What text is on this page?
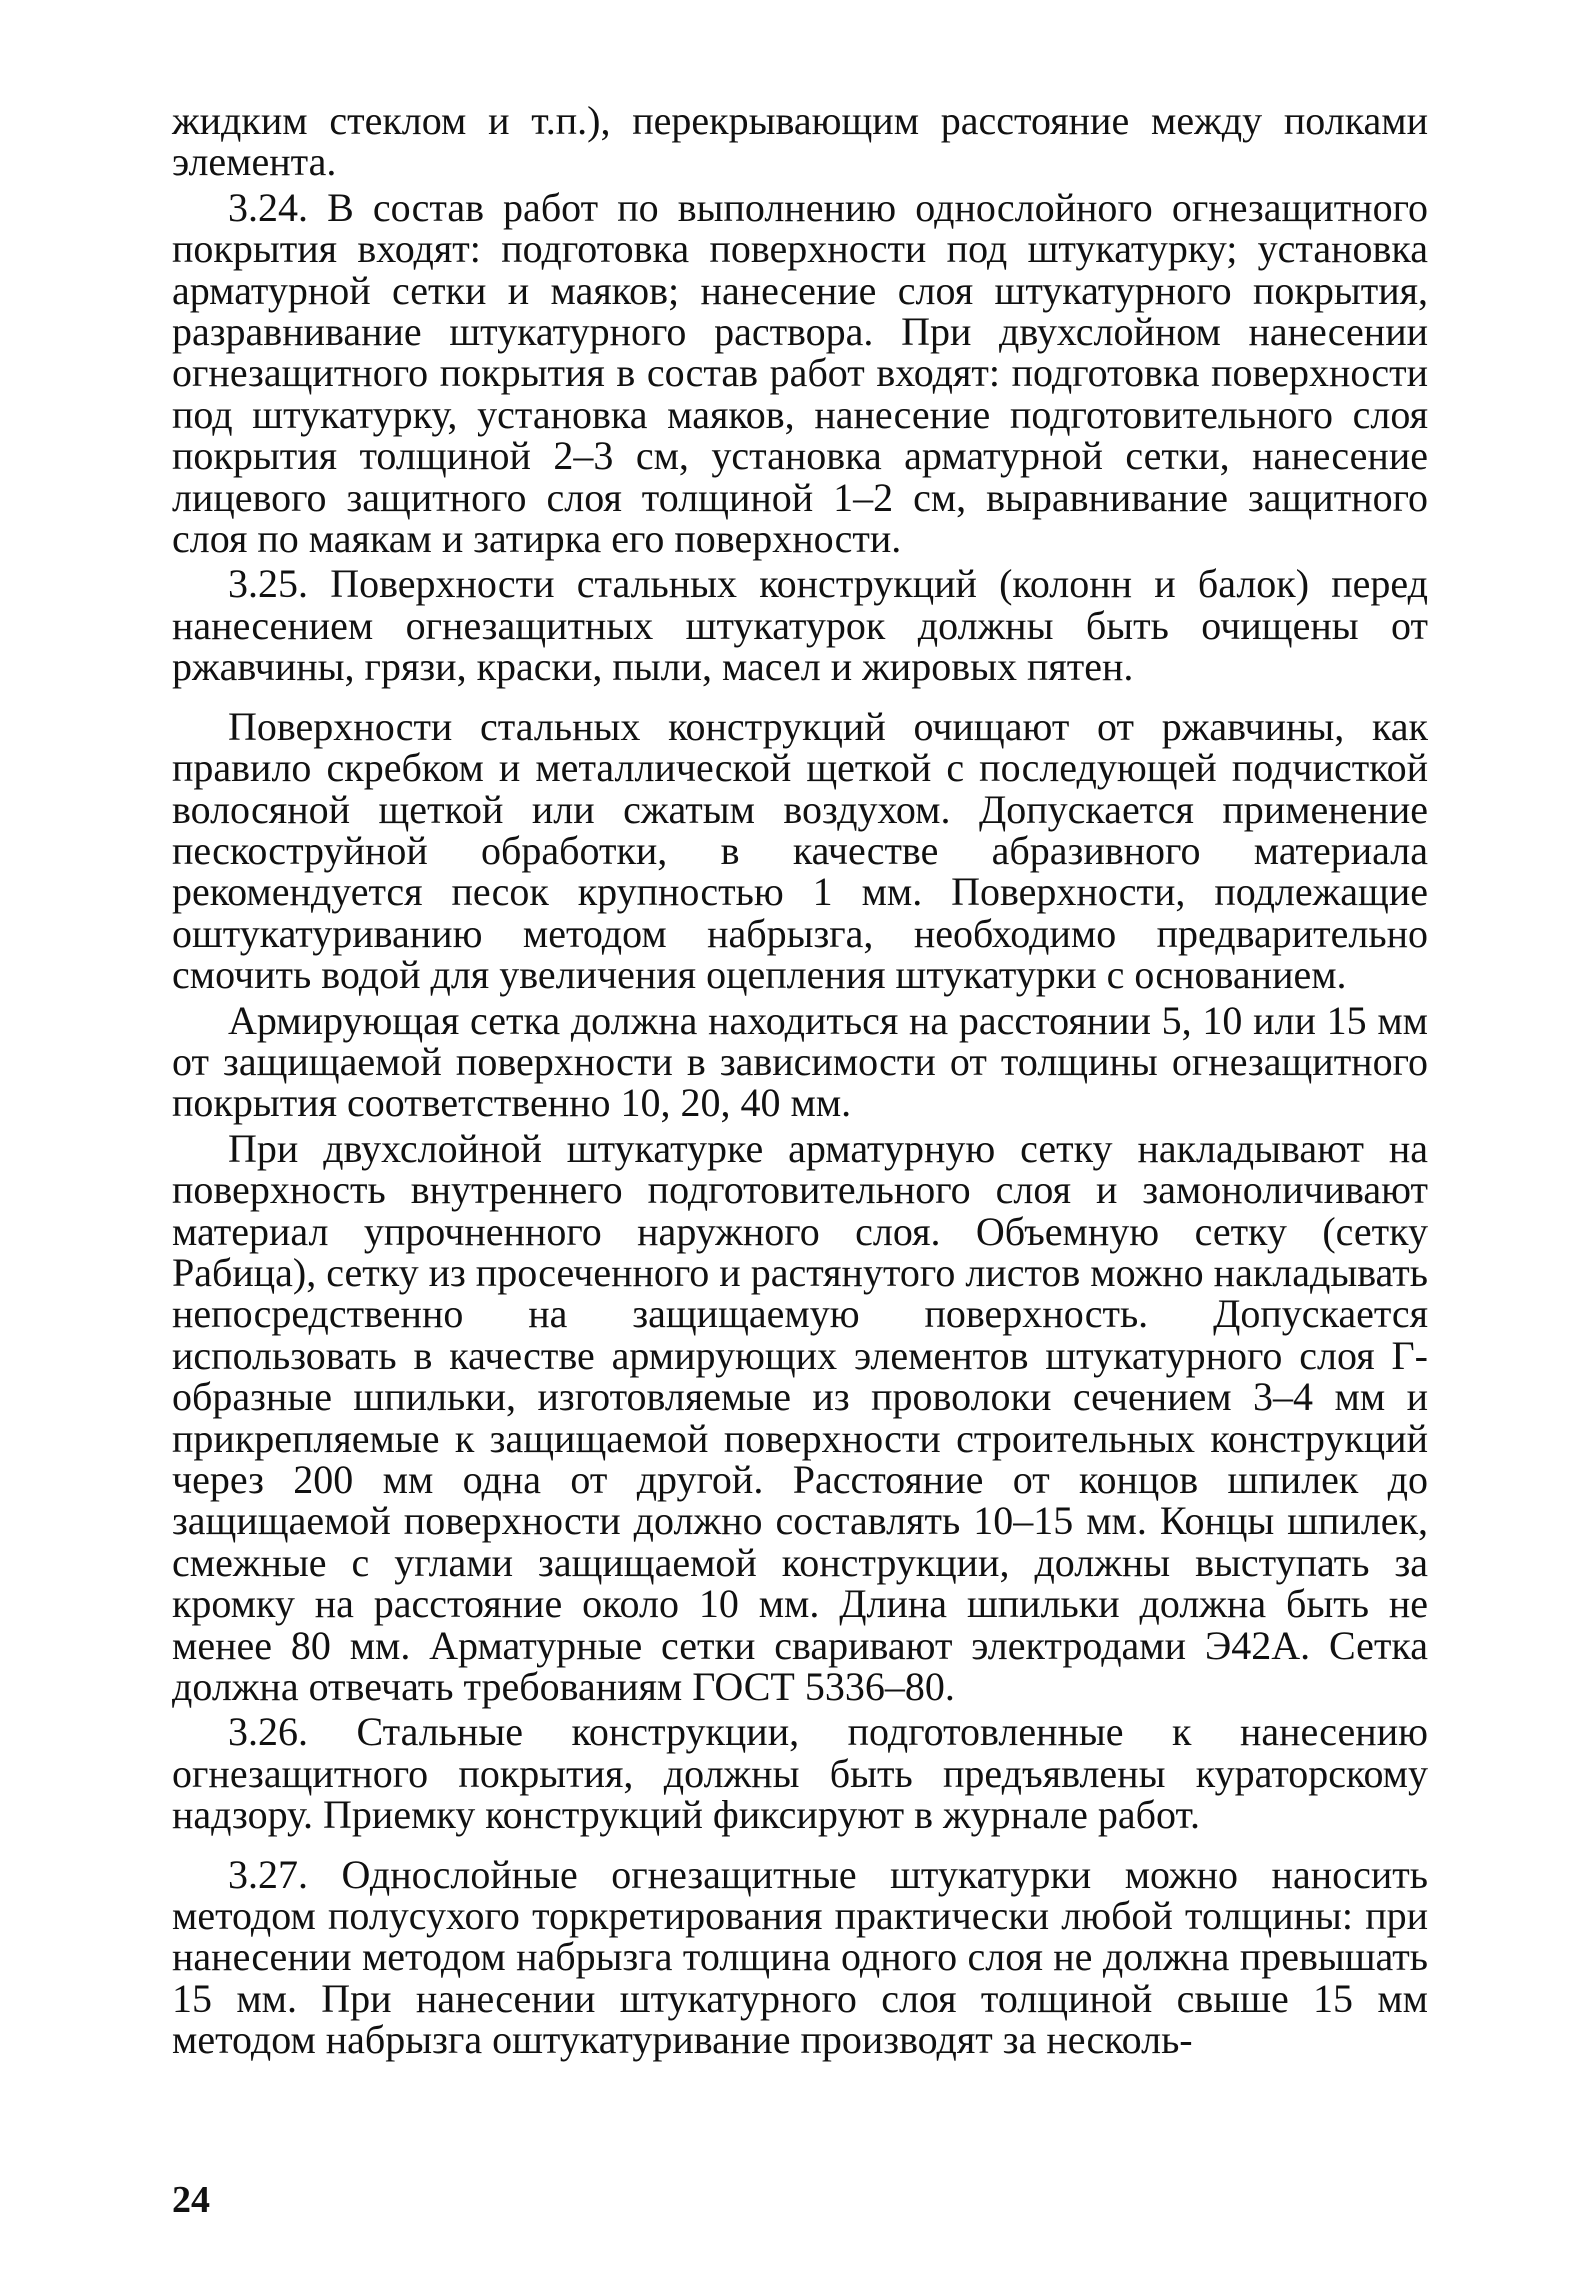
жидким стеклом и т.п.), перекрывающим расстояние между полками элемента.

3.24. В состав работ по выполнению однослойного огнезащитного покрытия входят: подготовка поверхности под штукатурку; установка арматурной сетки и маяков; нанесение слоя штукатурного покрытия, разравнивание штукатурного раствора. При двухслойном нанесении огнезащитного покрытия в состав работ входят: подготовка поверхности под штукатурку, установка маяков, нанесение подготовительного слоя покрытия толщиной 2–3 см, установка арматурной сетки, нанесение лицевого защитного слоя толщиной 1–2 см, выравнивание защитного слоя по маякам и затирка его поверхности.

3.25. Поверхности стальных конструкций (колонн и балок) перед нанесением огнезащитных штукатурок должны быть очищены от ржавчины, грязи, краски, пыли, масел и жировых пятен.

Поверхности стальных конструкций очищают от ржавчины, как правило скребком и металлической щеткой с последующей подчисткой волосяной щеткой или сжатым воздухом. Допускается применение пескоструйной обработки, в качестве абразивного материала рекомендуется песок крупностью 1 мм. Поверхности, подлежащие оштукатуриванию методом набрызга, необходимо предварительно смочить водой для увеличения оцепления штукатурки с основанием.

Армирующая сетка должна находиться на расстоянии 5, 10 или 15 мм от защищаемой поверхности в зависимости от толщины огнезащитного покрытия соответственно 10, 20, 40 мм.

При двухслойной штукатурке арматурную сетку накладывают на поверхность внутреннего подготовительного слоя и замоноличивают материал упрочненного наружного слоя. Объемную сетку (сетку Рабица), сетку из просеченного и растянутого листов можно накладывать непосредственно на защищаемую поверхность. Допускается использовать в качестве армирующих элементов штукатурного слоя Г-образные шпильки, изготовляемые из проволоки сечением 3–4 мм и прикрепляемые к защищаемой поверхности строительных конструкций через 200 мм одна от другой. Расстояние от концов шпилек до защищаемой поверхности должно составлять 10–15 мм. Концы шпилек, смежные с углами защищаемой конструкции, должны выступать за кромку на расстояние около 10 мм. Длина шпильки должна быть не менее 80 мм. Арматурные сетки сваривают электродами Э42А. Сетка должна отвечать требованиям ГОСТ 5336–80.

3.26. Стальные конструкции, подготовленные к нанесению огнезащитного покрытия, должны быть предъявлены кураторскому надзору. Приемку конструкций фиксируют в журнале работ.

3.27. Однослойные огнезащитные штукатурки можно наносить методом полусухого торкретирования практически любой толщины: при нанесении методом набрызга толщина одного слоя не должна превышать 15 мм. При нанесении штукатурного слоя толщиной свыше 15 мм методом набрызга оштукатуривание производят за несколь-

24
